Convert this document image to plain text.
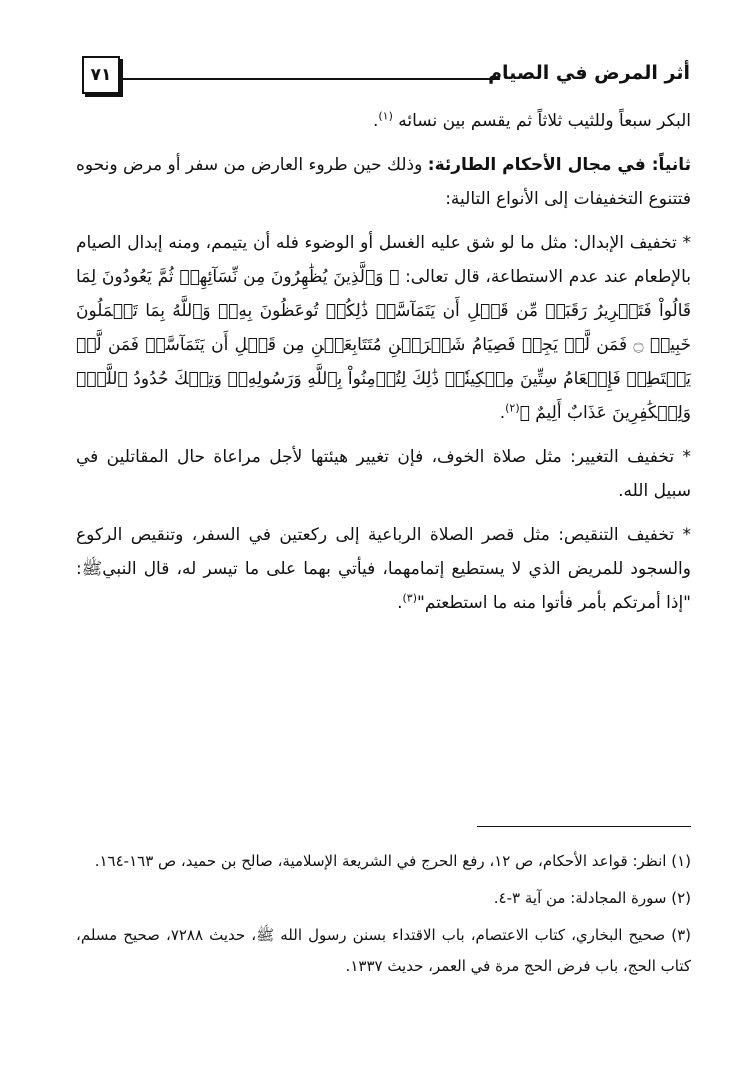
أثر المرض في الصيام
٧١

البكر سبعاً وللثيب ثلاثاً ثم يقسم بين نسائه $^{(١)}$.

ثانياً: في مجال الأحكام الطارئة: وذلك حين طروء العارض من سفر أو مرض ونحوه فتتنوع التخفيفات إلى الأنواع التالية:

* تخفيف الإبدال: مثل ما لو شق عليه الغسل أو الوضوء فله أن يتيمم، ومنه إبدال الصيام بالإطعام عند عدم الاستطاعة، قال تعالى: ﴿ وَٱلَّذِينَ يُظَٰهِرُونَ مِن نِّسَآئِهِمۡ ثُمَّ يَعُودُونَ لِمَا قَالُواْ فَتَحۡرِيرُ رَقَبَةٖ مِّن قَبۡلِ أَن يَتَمَآسَّاۚ ذَٰلِكُمۡ تُوعَظُونَ بِهِۦۚ وَٱللَّهُ بِمَا تَعۡمَلُونَ خَبِيرٞ ۝ فَمَن لَّمۡ يَجِدۡ فَصِيَامُ شَهۡرَيۡنِ مُتَتَابِعَيۡنِ مِن قَبۡلِ أَن يَتَمَآسَّاۖ فَمَن لَّمۡ يَسۡتَطِعۡ فَإِطۡعَامُ سِتِّينَ مِسۡكِينٗاۚ ذَٰلِكَ لِتُؤۡمِنُواْ بِٱللَّهِ وَرَسُولِهِۦۚ وَتِلۡكَ حُدُودُ ٱللَّهِۗ وَلِلۡكَٰفِرِينَ عَذَابٌ أَلِيمٌ ﴾$^{(٢)}$.

* تخفيف التغيير: مثل صلاة الخوف، فإن تغيير هيئتها لأجل مراعاة حال المقاتلين في سبيل الله.

* تخفيف التنقيص: مثل قصر الصلاة الرباعية إلى ركعتين في السفر، وتنقيص الركوع والسجود للمريض الذي لا يستطيع إتمامهما، فيأتي بهما على ما تيسر له، قال النبيﷺ: "إذا أمرتكم بأمر فأتوا منه ما استطعتم"$^{(٣)}$.

(١) انظر: قواعد الأحكام، ص ١٢، رفع الحرج في الشريعة الإسلامية، صالح بن حميد، ص ١٦٣-١٦٤.

(٢) سورة المجادلة: من آية ٣-٤.

(٣) صحيح البخاري، كتاب الاعتصام، باب الاقتداء بسنن رسول الله ﷺ، حديث ٧٢٨٨، صحيح مسلم، كتاب الحج، باب فرض الحج مرة في العمر، حديث ١٣٣٧.
